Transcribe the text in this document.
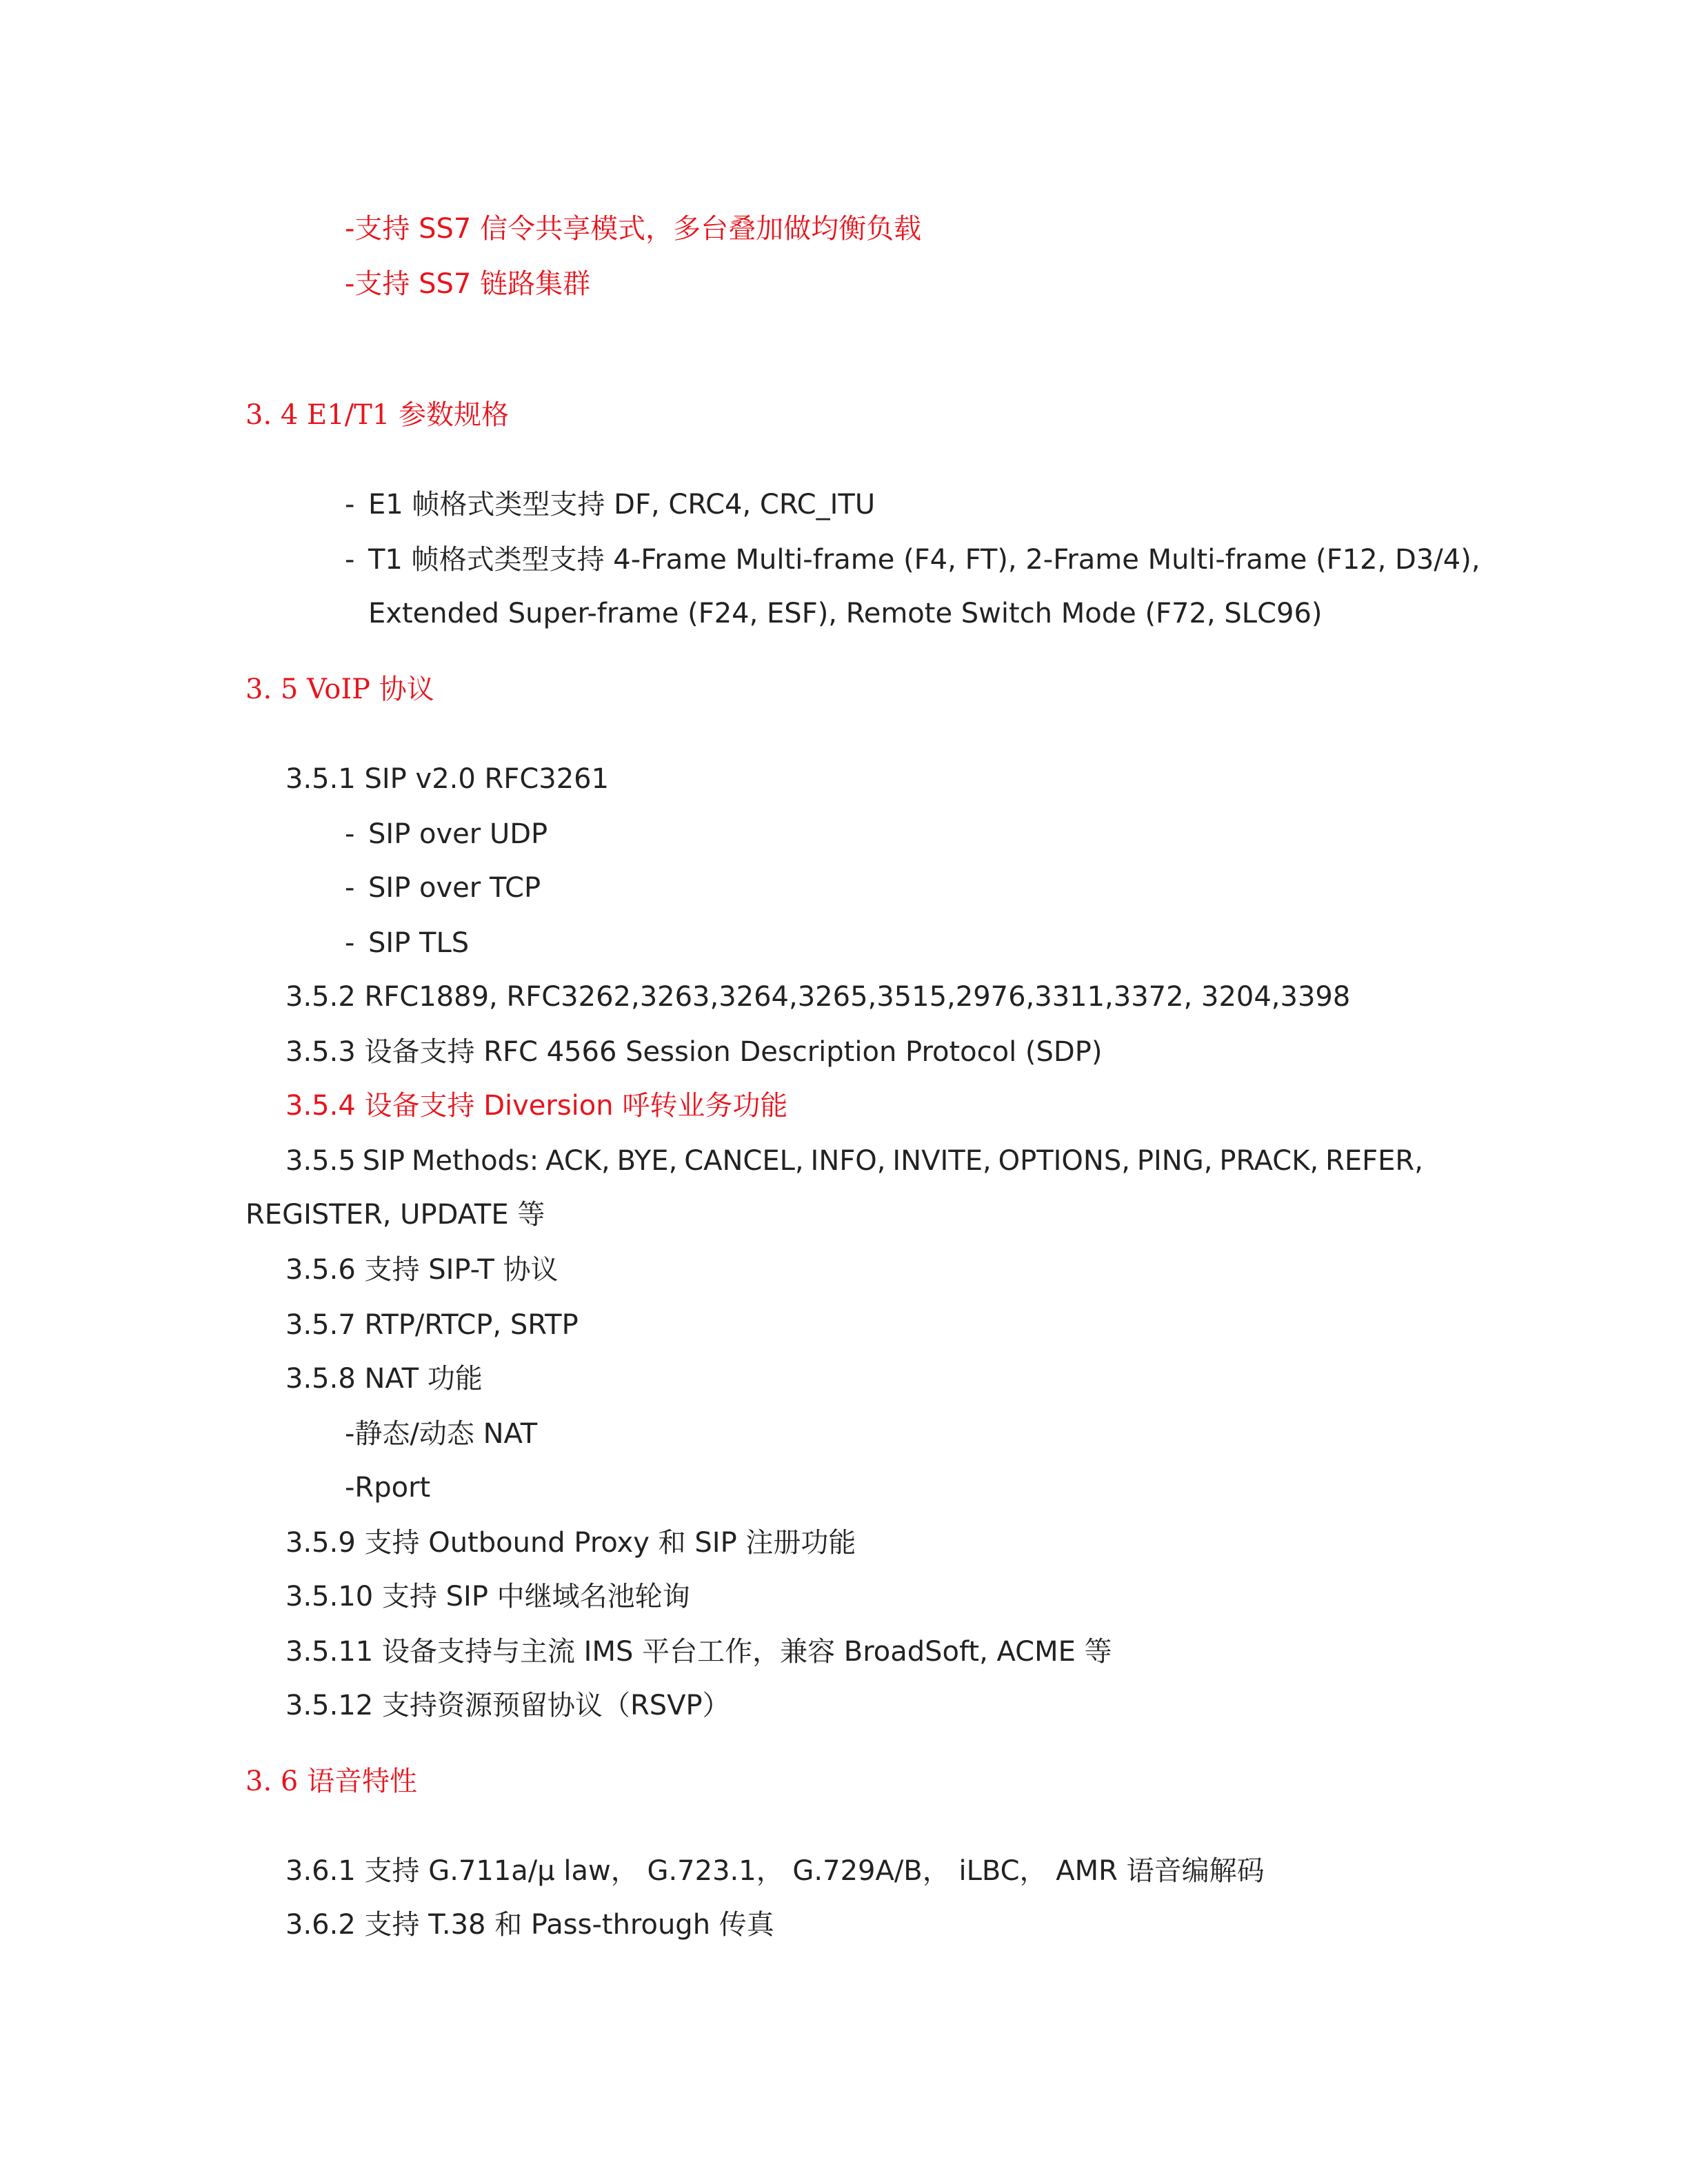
-支持 SS7 信令共享模式，多台叠加做均衡负载
-支持 SS7 链路集群
3. 4 E1/T1 参数规格
- E1 帧格式类型支持 DF, CRC4, CRC_ITU
- T1 帧格式类型支持 4-Frame Multi-frame (F4, FT), 2-Frame Multi-frame (F12, D3/4),
Extended Super-frame (F24, ESF), Remote Switch Mode (F72, SLC96)
3. 5 VoIP 协议
3.5.1 SIP v2.0 RFC3261
- SIP over UDP
- SIP over TCP
- SIP TLS
3.5.2 RFC1889, RFC3262,3263,3264,3265,3515,2976,3311,3372, 3204,3398
3.5.3 设备支持 RFC 4566 Session Description Protocol (SDP)
3.5.4 设备支持 Diversion 呼转业务功能
3.5.5 SIP Methods: ACK, BYE, CANCEL, INFO, INVITE, OPTIONS, PING, PRACK, REFER,
REGISTER, UPDATE 等
3.5.6 支持 SIP-T 协议
3.5.7 RTP/RTCP, SRTP
3.5.8 NAT 功能
-静态/动态 NAT
-Rport
3.5.9 支持 Outbound Proxy 和 SIP 注册功能
3.5.10 支持 SIP 中继域名池轮询
3.5.11 设备支持与主流 IMS 平台工作，兼容 BroadSoft, ACME 等
3.5.12 支持资源预留协议（RSVP）
3. 6 语音特性
3.6.1 支持 G.711a/μ law， G.723.1， G.729A/B， iLBC， AMR 语音编解码
3.6.2 支持 T.38 和 Pass-through 传真
